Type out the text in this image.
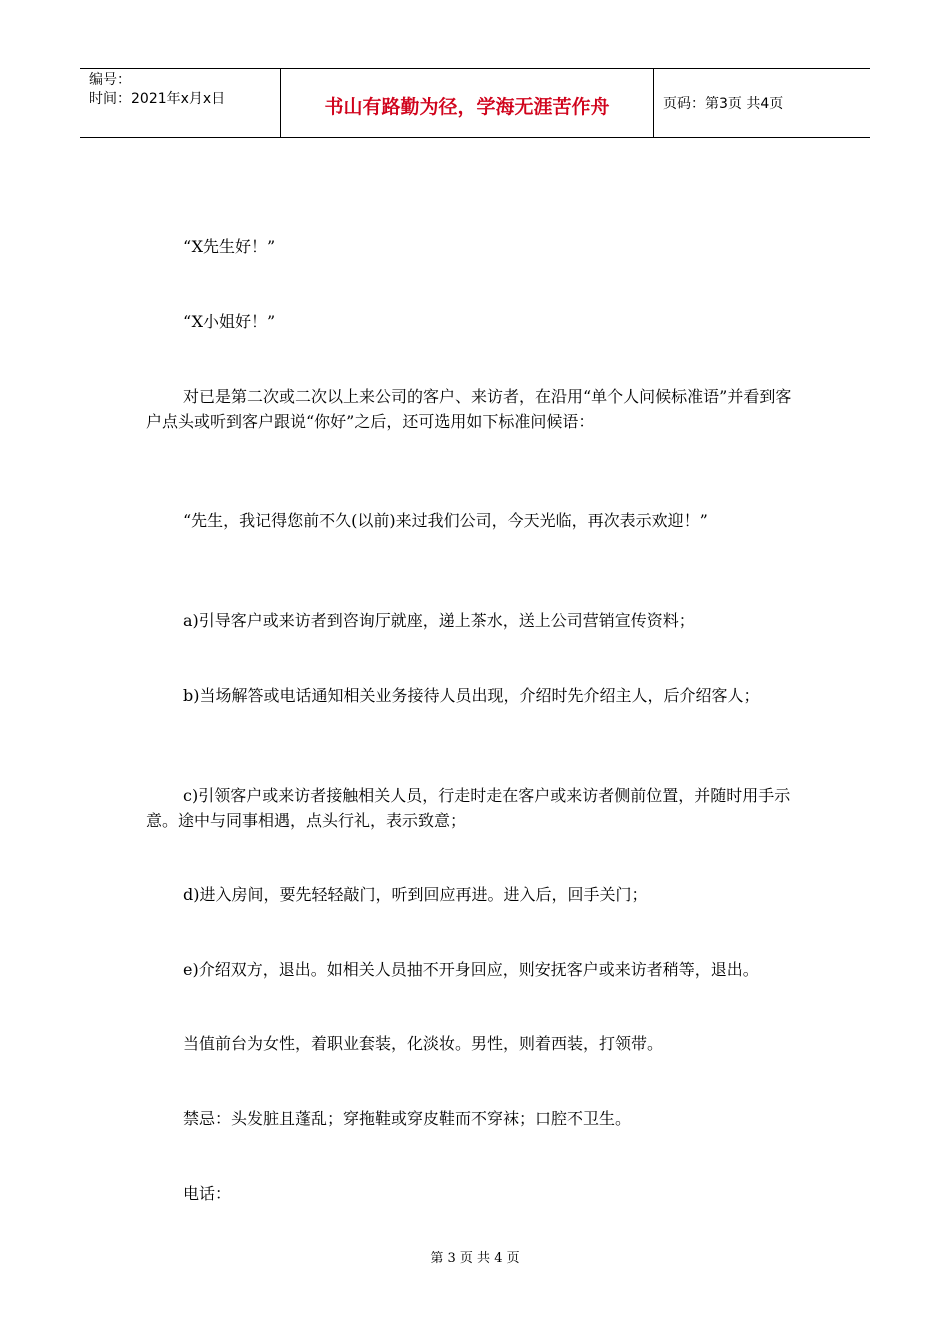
编号：
时间：2021年x月x日	书山有路勤为径，学海无涯苦作舟	页码：第3页 共4页

“X先生好！”

“X小姐好！”

对已是第二次或二次以上来公司的客户、来访者，在沿用“单个人问候标准语”并看到客户点头或听到客户跟说“你好”之后，还可选用如下标准问候语：

“先生，我记得您前不久(以前)来过我们公司，今天光临，再次表示欢迎！”

a)引导客户或来访者到咨询厅就座，递上茶水，送上公司营销宣传资料；

b)当场解答或电话通知相关业务接待人员出现，介绍时先介绍主人，后介绍客人；

c)引领客户或来访者接触相关人员，行走时走在客户或来访者侧前位置，并随时用手示意。途中与同事相遇，点头行礼，表示致意；

d)进入房间，要先轻轻敲门，听到回应再进。进入后，回手关门；

e)介绍双方，退出。如相关人员抽不开身回应，则安抚客户或来访者稍等，退出。

当值前台为女性，着职业套装，化淡妆。男性，则着西装，打领带。

禁忌：头发脏且蓬乱；穿拖鞋或穿皮鞋而不穿袜；口腔不卫生。

电话：

第 3 页 共 4 页
